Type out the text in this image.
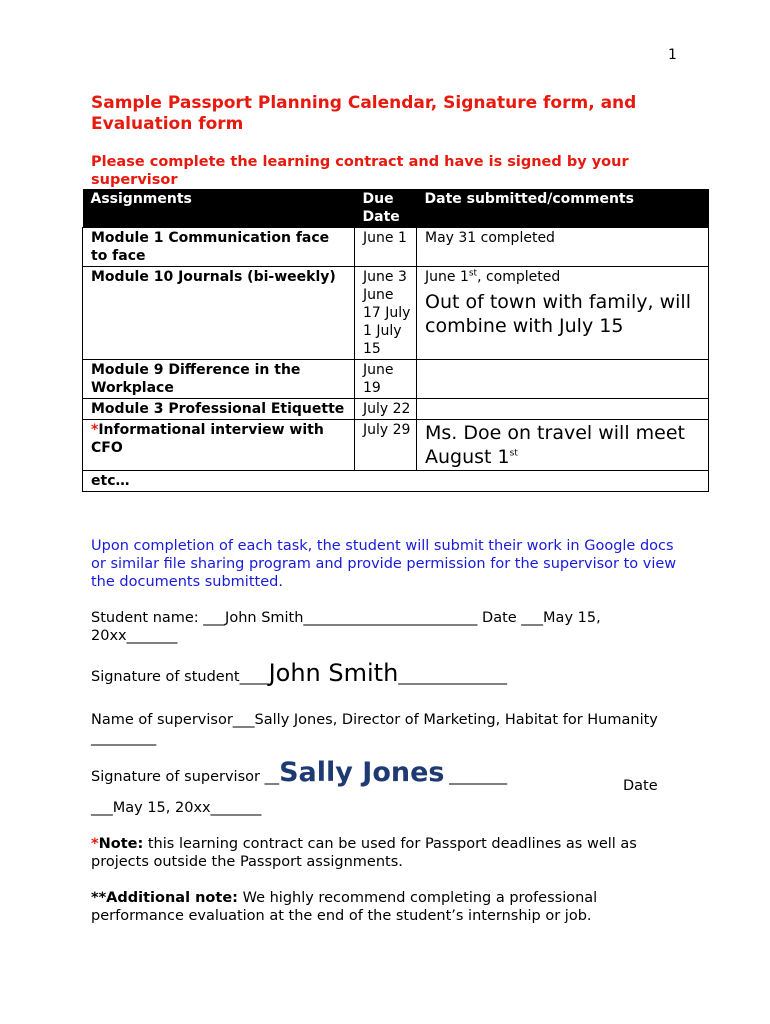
1
Sample Passport Planning Calendar, Signature form, and Evaluation form
Please complete the learning contract and have is signed by your supervisor
Assignments	Due Date	Date submitted/comments
Module 1 Communication face to face	June 1	May 31 completed
Module 10 Journals (bi-weekly)	June 3 June 17 July 1 July 15	June 1st, completed
Out of town with family, will combine with July 15

Module 9 Difference in the Workplace	June 19	
Module 3 Professional Etiquette	July 22	
*Informational interview with CFO	July 29	Ms. Doe on travel will meet August 1st

etc…		
Upon completion of each task, the student will submit their work in Google docs or similar file sharing program and provide permission for the supervisor to view the documents submitted.
Student name: ___John Smith________________________ Date ___May 15, 20xx_______
Signature of student____John Smith_______________
Name of supervisor___Sally Jones, Director of Marketing, Habitat for Humanity _________
Signature of supervisor __Sally Jones ________
Date
___May 15, 20xx_______
*Note: this learning contract can be used for Passport deadlines as well as projects outside the Passport assignments.
**Additional note: We highly recommend completing a professional performance evaluation at the end of the student’s internship or job.
